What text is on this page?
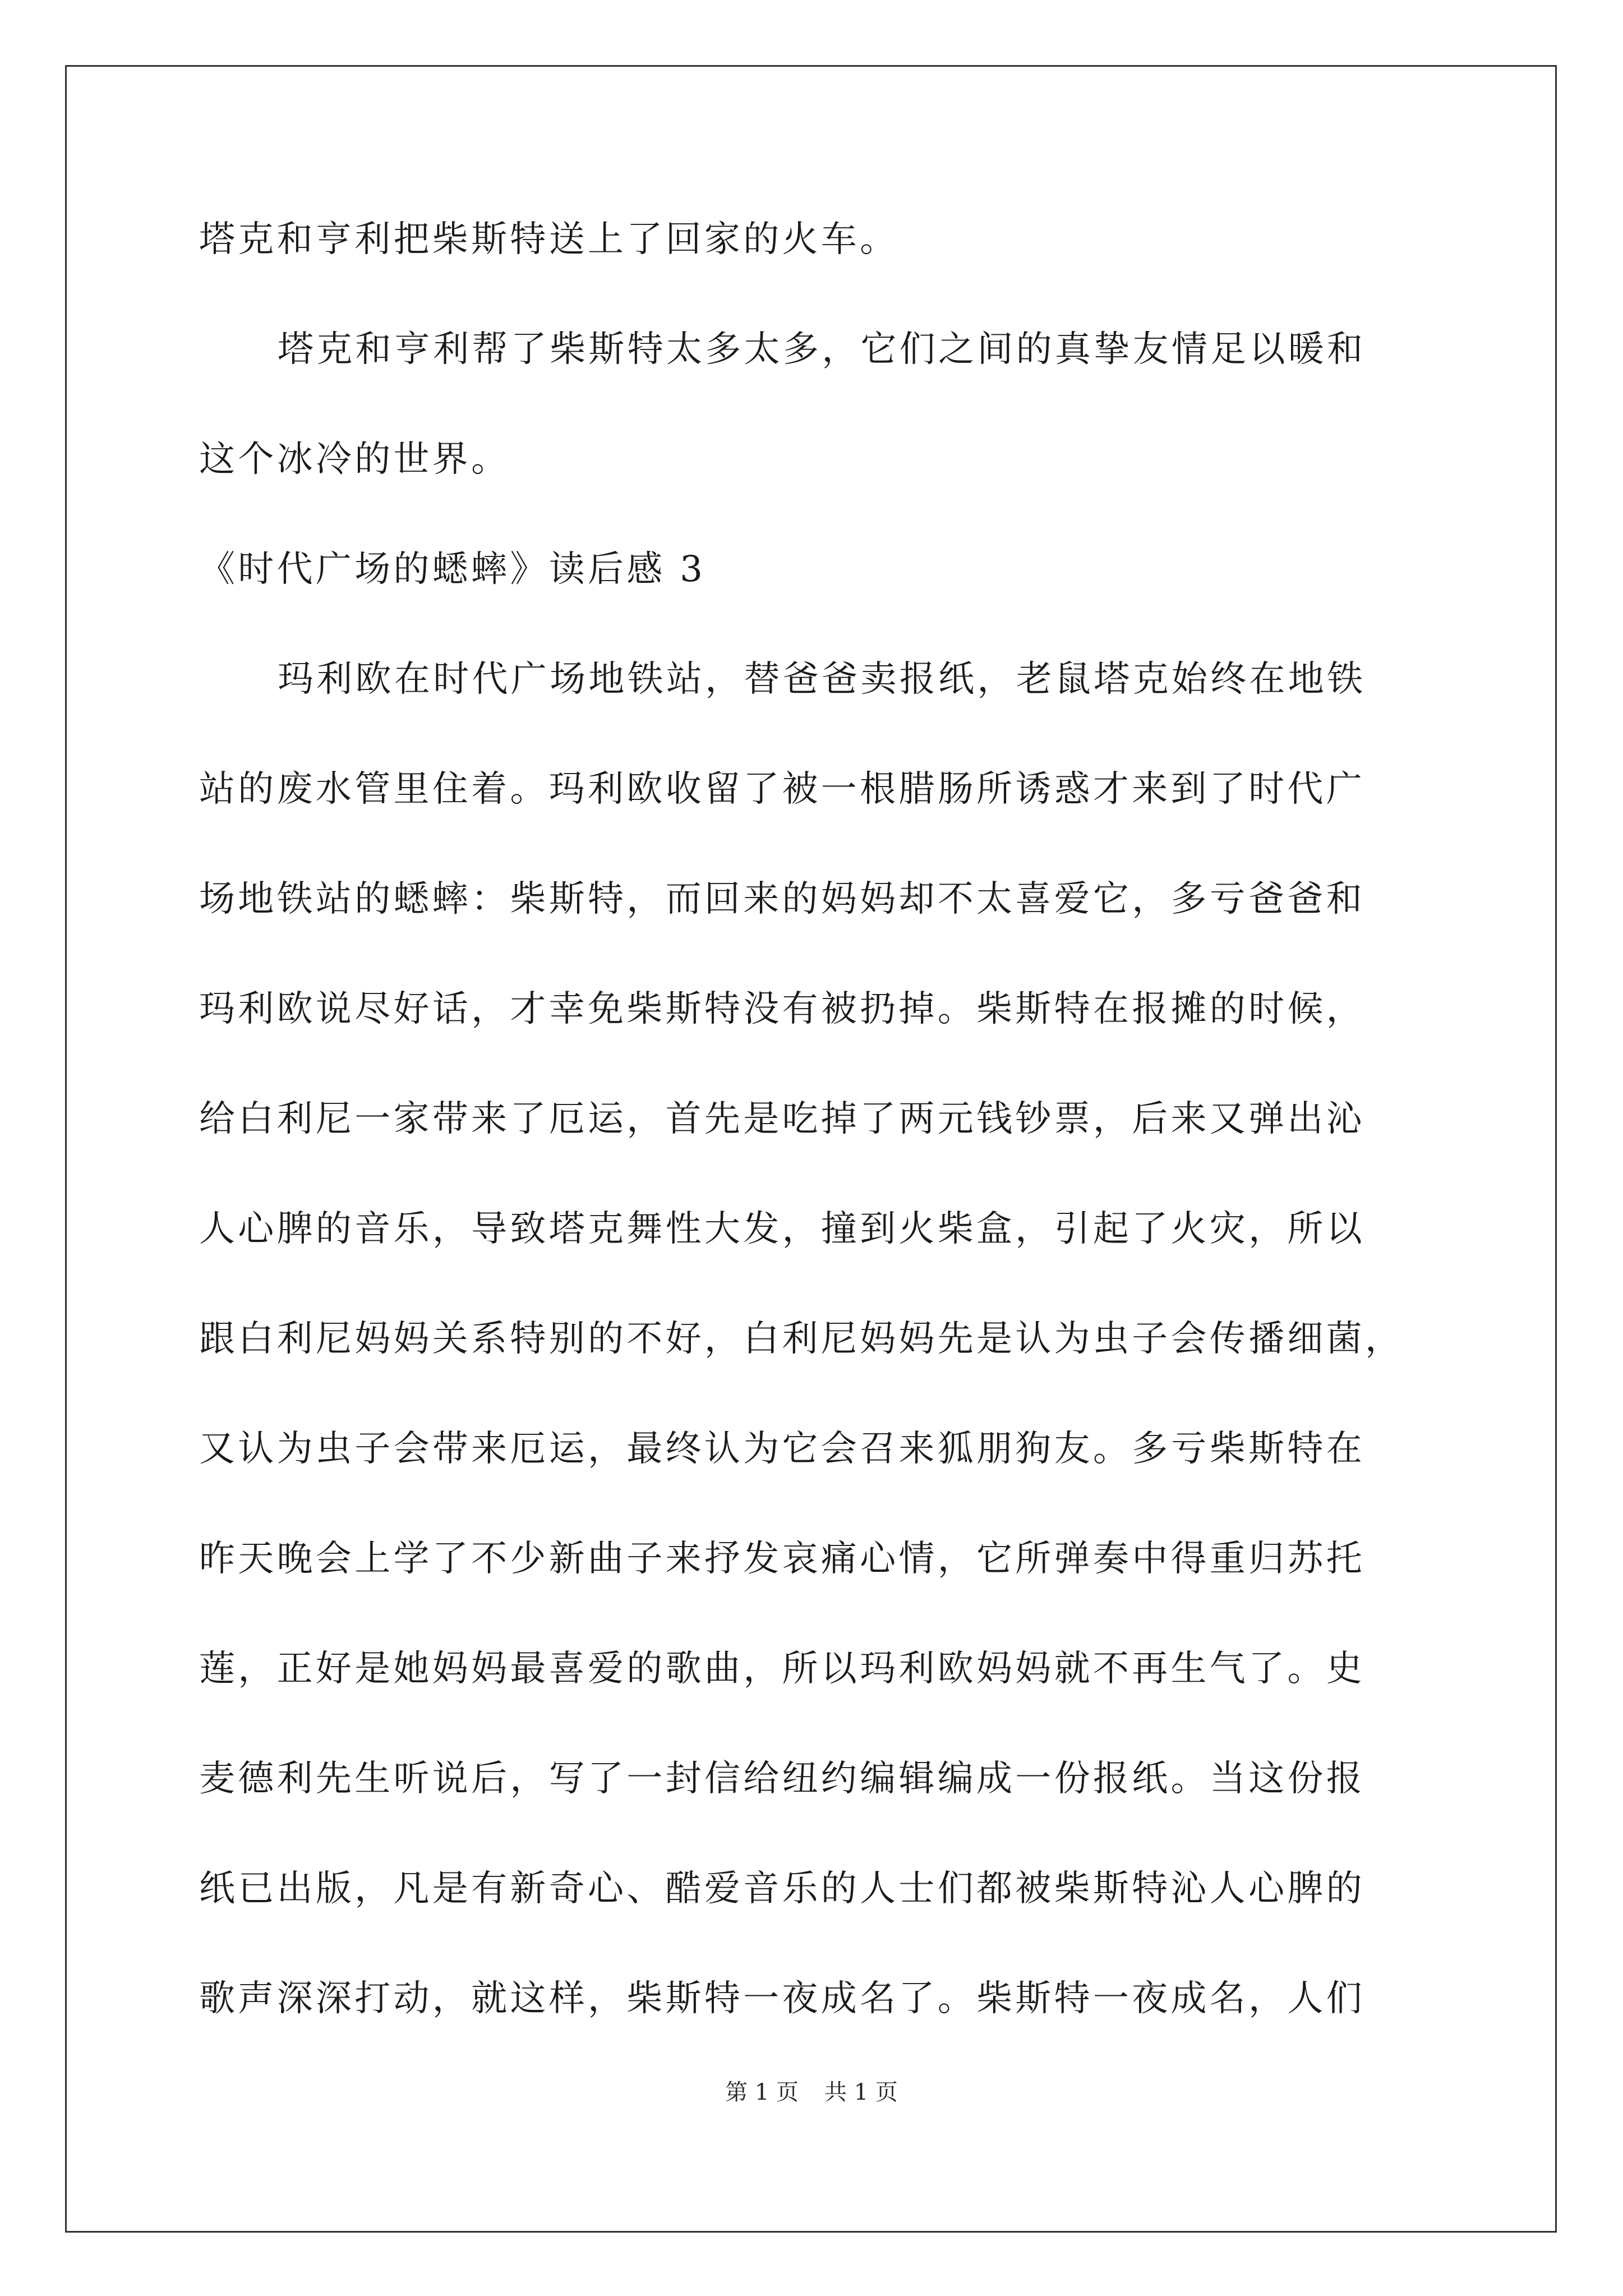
塔克和亨利把柴斯特送上了回家的火车。
塔克和亨利帮了柴斯特太多太多，它们之间的真挚友情足以暖和
这个冰冷的世界。
《时代广场的蟋蟀》读后感 3
玛利欧在时代广场地铁站，替爸爸卖报纸，老鼠塔克始终在地铁
站的废水管里住着。玛利欧收留了被一根腊肠所诱惑才来到了时代广
场地铁站的蟋蟀：柴斯特，而回来的妈妈却不太喜爱它，多亏爸爸和
玛利欧说尽好话，才幸免柴斯特没有被扔掉。柴斯特在报摊的时候，
给白利尼一家带来了厄运，首先是吃掉了两元钱钞票，后来又弹出沁
人心脾的音乐，导致塔克舞性大发，撞到火柴盒，引起了火灾，所以
跟白利尼妈妈关系特别的不好，白利尼妈妈先是认为虫子会传播细菌，
又认为虫子会带来厄运，最终认为它会召来狐朋狗友。多亏柴斯特在
昨天晚会上学了不少新曲子来抒发哀痛心情，它所弹奏中得重归苏托
莲，正好是她妈妈最喜爱的歌曲，所以玛利欧妈妈就不再生气了。史
麦德利先生听说后，写了一封信给纽约编辑编成一份报纸。当这份报
纸已出版，凡是有新奇心、酷爱音乐的人士们都被柴斯特沁人心脾的
歌声深深打动，就这样，柴斯特一夜成名了。柴斯特一夜成名，人们
第 1 页 共 1 页
